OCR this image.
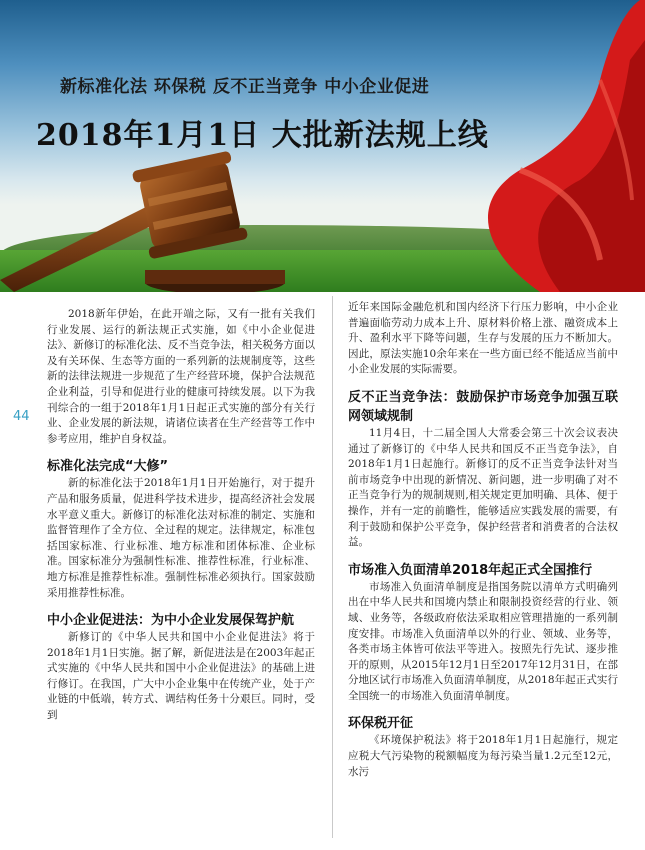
新标准化法 环保税 反不正当竞争 中小企业促进
2018年1月1日 大批新法规上线
44

2018新年伊始，在此开端之际，又有一批有关我们行业发展、运行的新法规正式实施，如《中小企业促进法》、新修订的标准化法、反不当竞争法，相关税务方面以及有关环保、生态等方面的一系列新的法规制度等，这些新的法律法规进一步规范了生产经营环境，保护合法规范企业利益，引导和促进行业的健康可持续发展。以下为我刊综合的一组于2018年1月1日起正式实施的部分有关行业、企业发展的新法规，请诸位读者在生产经营等工作中参考应用，维护自身权益。

标准化法完成“大修”

新的标准化法于2018年1月1日开始施行，对于提升产品和服务质量，促进科学技术进步，提高经济社会发展水平意义重大。新修订的标准化法对标准的制定、实施和监督管理作了全方位、全过程的规定。法律规定，标准包括国家标准、行业标准、地方标准和团体标准、企业标准。国家标准分为强制性标准、推荐性标准，行业标准、地方标准是推荐性标准。强制性标准必须执行。国家鼓励采用推荐性标准。

中小企业促进法：为中小企业发展保驾护航

新修订的《中华人民共和国中小企业促进法》将于2018年1月1日实施。据了解，新促进法是在2003年起正式实施的《中华人民共和国中小企业促进法》的基础上进行修订。在我国，广大中小企业集中在传统产业，处于产业链的中低端，转方式、调结构任务十分艰巨。同时，受到

近年来国际金融危机和国内经济下行压力影响，中小企业普遍面临劳动力成本上升、原材料价格上涨、融资成本上升、盈利水平下降等问题，生存与发展的压力不断加大。因此，原法实施10余年来在一些方面已经不能适应当前中小企业发展的实际需要。

反不正当竞争法：鼓励保护市场竞争加强互联网领域规制

11月4日，十二届全国人大常委会第三十次会议表决通过了新修订的《中华人民共和国反不正当竞争法》，自2018年1月1日起施行。新修订的反不正当竞争法针对当前市场竞争中出现的新情况、新问题，进一步明确了对不正当竞争行为的规制规则,相关规定更加明确、具体、便于操作，并有一定的前瞻性，能够适应实践发展的需要，有利于鼓励和保护公平竞争，保护经营者和消费者的合法权益。

市场准入负面清单2018年起正式全国推行

市场准入负面清单制度是指国务院以清单方式明确列出在中华人民共和国境内禁止和限制投资经营的行业、领域、业务等，各级政府依法采取相应管理措施的一系列制度安排。市场准入负面清单以外的行业、领域、业务等，各类市场主体皆可依法平等进入。按照先行先试、逐步推开的原则，从2015年12月1日至2017年12月31日，在部分地区试行市场准入负面清单制度，从2018年起正式实行全国统一的市场准入负面清单制度。

环保税开征

《环境保护税法》将于2018年1月1日起施行，规定应税大气污染物的税额幅度为每污染当量1.2元至12元，水污
